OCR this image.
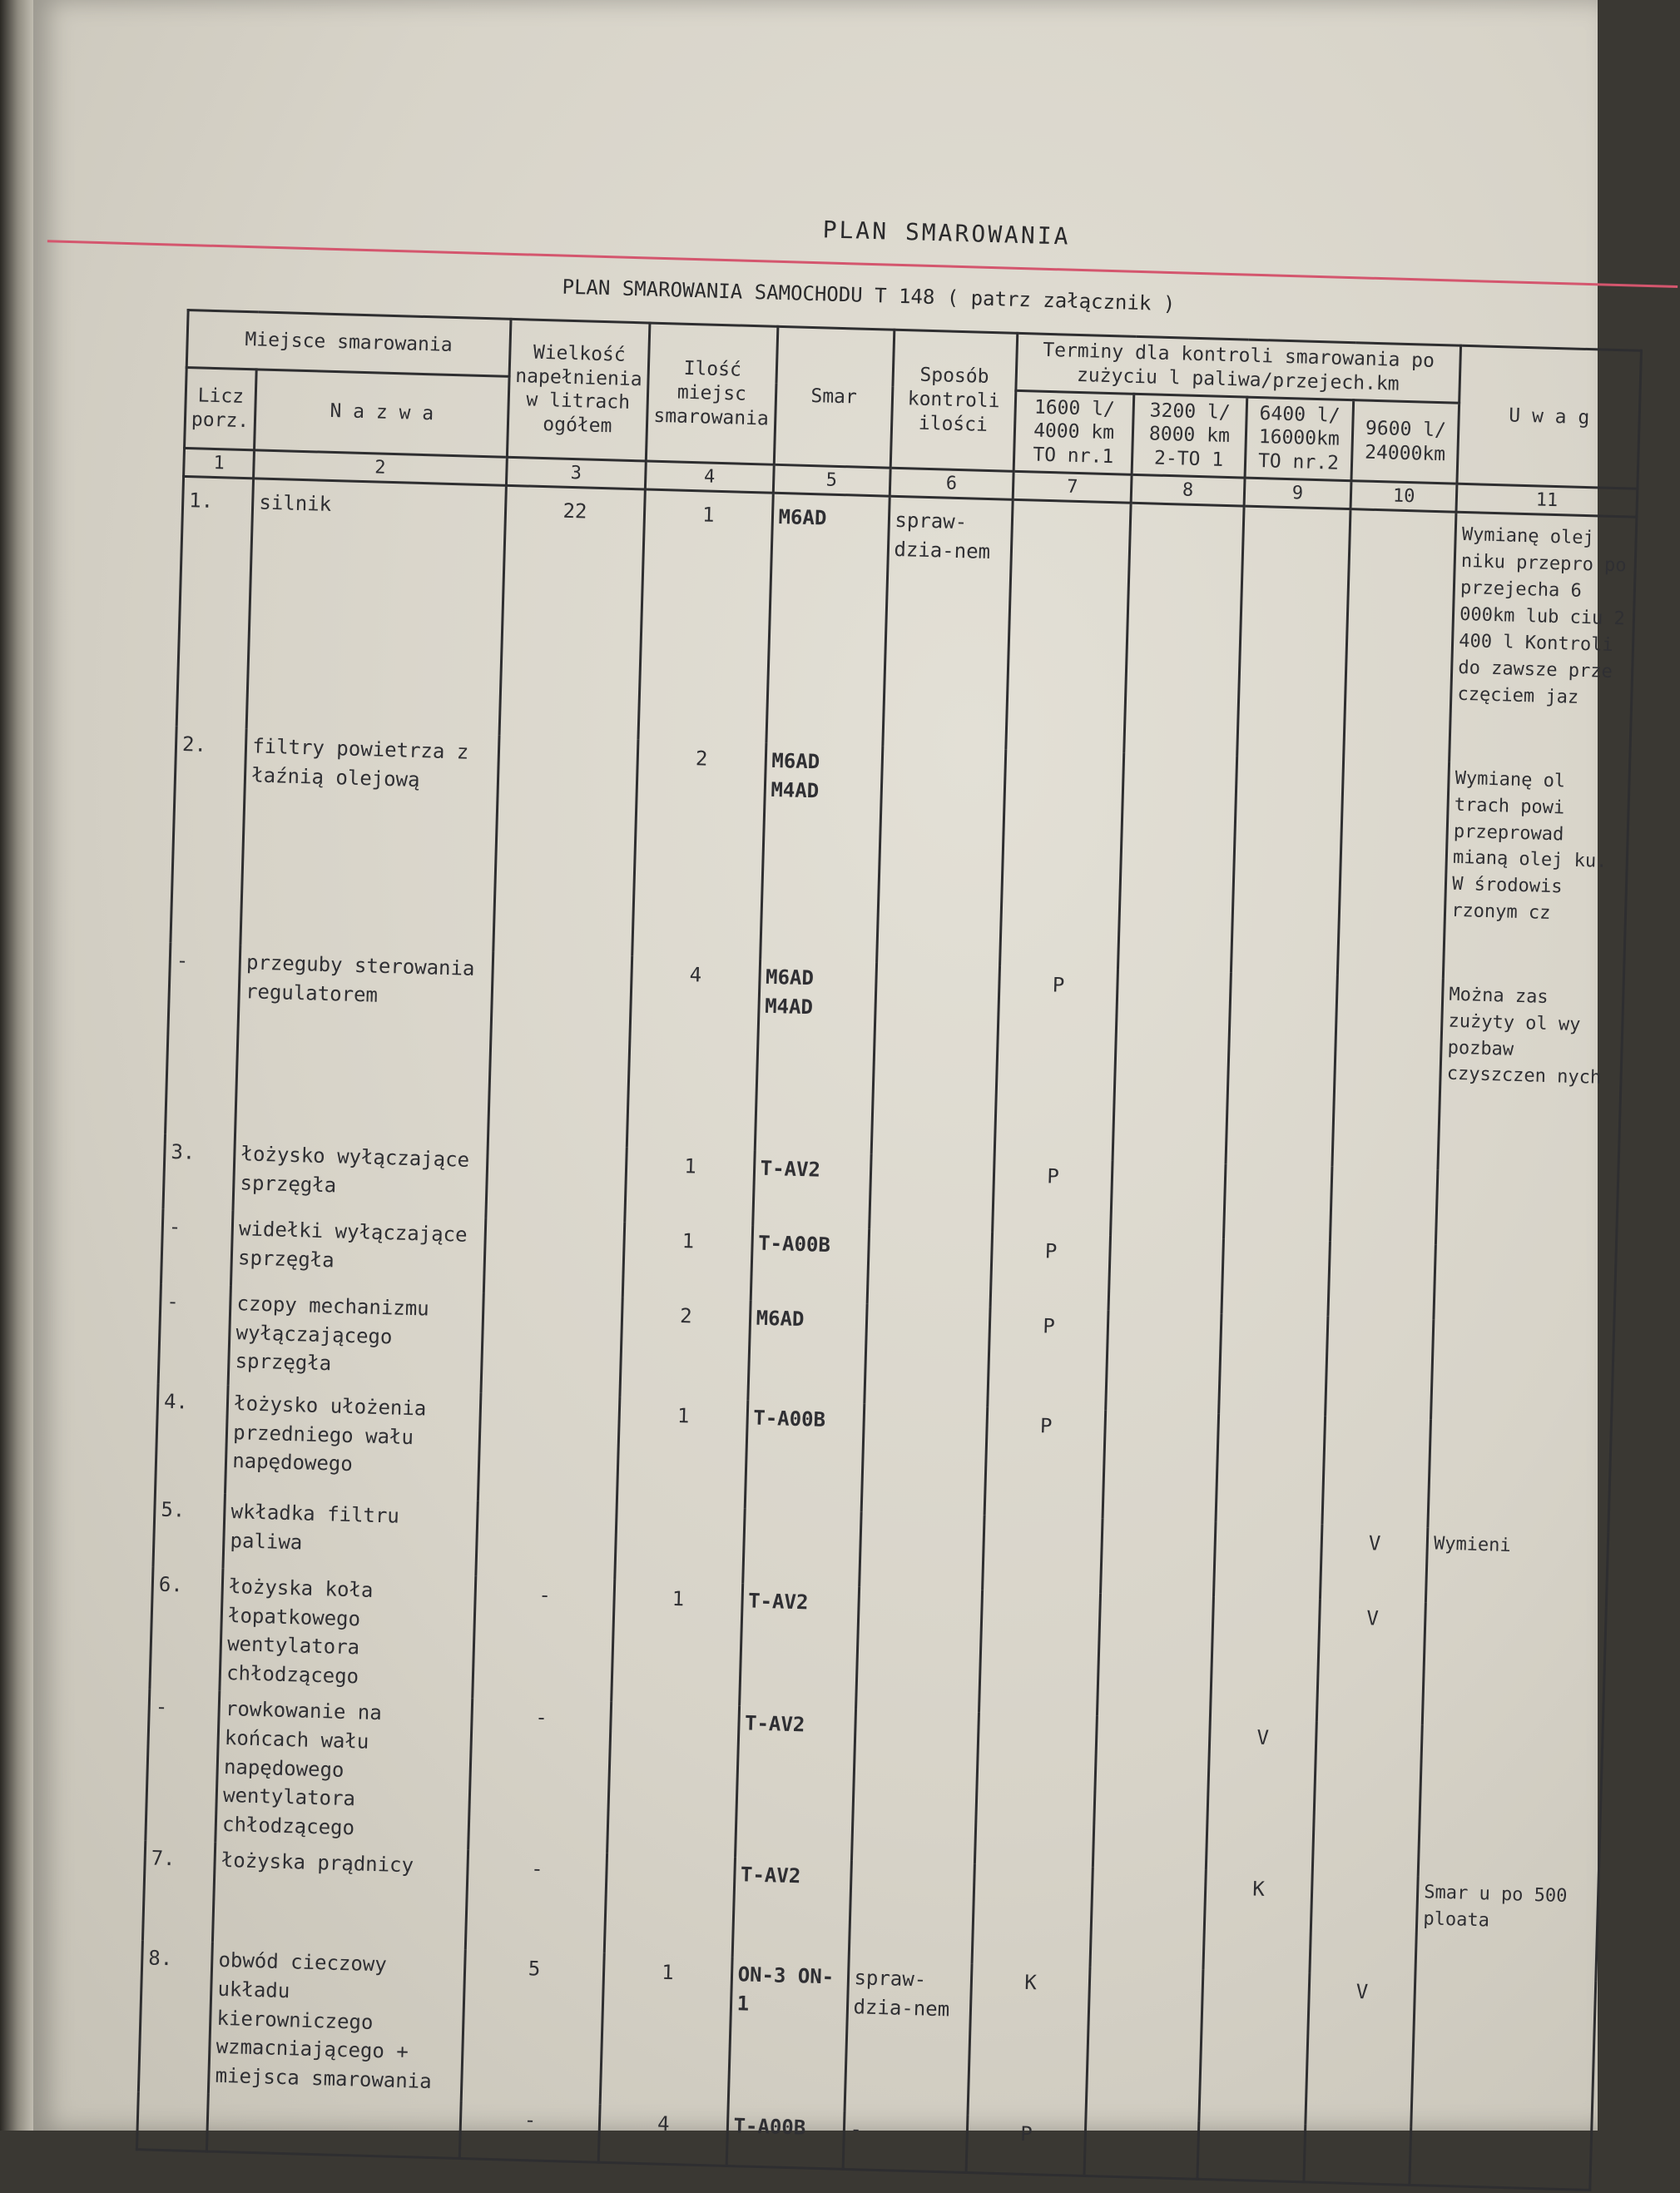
PLAN SMAROWANIA
PLAN SMAROWANIA SAMOCHODU T 148 ( patrz załącznik )
Miejsce smarowania		Wielkość napełnienia w litrach ogółem	Ilość miejsc smarowania	Smar	Sposób kontroli ilości	Terminy dla kontroli smarowania po zużyciu l paliwa/przejech.km				U w a g
Licz porz.	N a z w a					1600 l/ 4000 km TO nr.1	3200 l/ 8000 km 2-TO 1	6400 l/ 16000km TO nr.2	9600 l/ 24000km	
1	2	3	4	5	6	7	8	9	10	11
1.	silnik	22	1	M6AD	spraw-dzia-nem					Wymianę olej niku przepro po przejecha 6 000km lub ciu 2 400 l Kontroli do zawsze prze częciem jaz
2.	filtry powietrza z łaźnią olejową		2	M6AD M4AD						Wymianę ol trach powi przeprowad mianą olej ku. W środowis rzonym cz
-	przeguby sterowania regulatorem		4	M6AD M4AD		P				Można zas zużyty ol wy pozbaw czyszczen nych
3.	łożysko wyłączające sprzęgła		1	T-AV2		P				
-	widełki wyłączające sprzęgła		1	T-A00B		P				
-	czopy mechanizmu wyłączającego sprzęgła		2	M6AD		P				
4.	łożysko ułożenia przedniego wału napędowego		1	T-A00B		P				
5.	wkładka filtru paliwa								V	Wymieni
6.	łożyska koła łopatkowego wentylatora chłodzącego	-	1	T-AV2					V	
-	rowkowanie na końcach wału napędowego wentylatora chłodzącego	-		T-AV2				V		
7.	łożyska prądnicy	-		T-AV2				K		Smar u po 500 ploata
8.	obwód cieczowy układu kierowniczego wzmacniającego + miejsca smarowania	5	1	ON-3 ON-1	spraw-dzia-nem	K			V	
		-	4	T-A00B	-	P				
